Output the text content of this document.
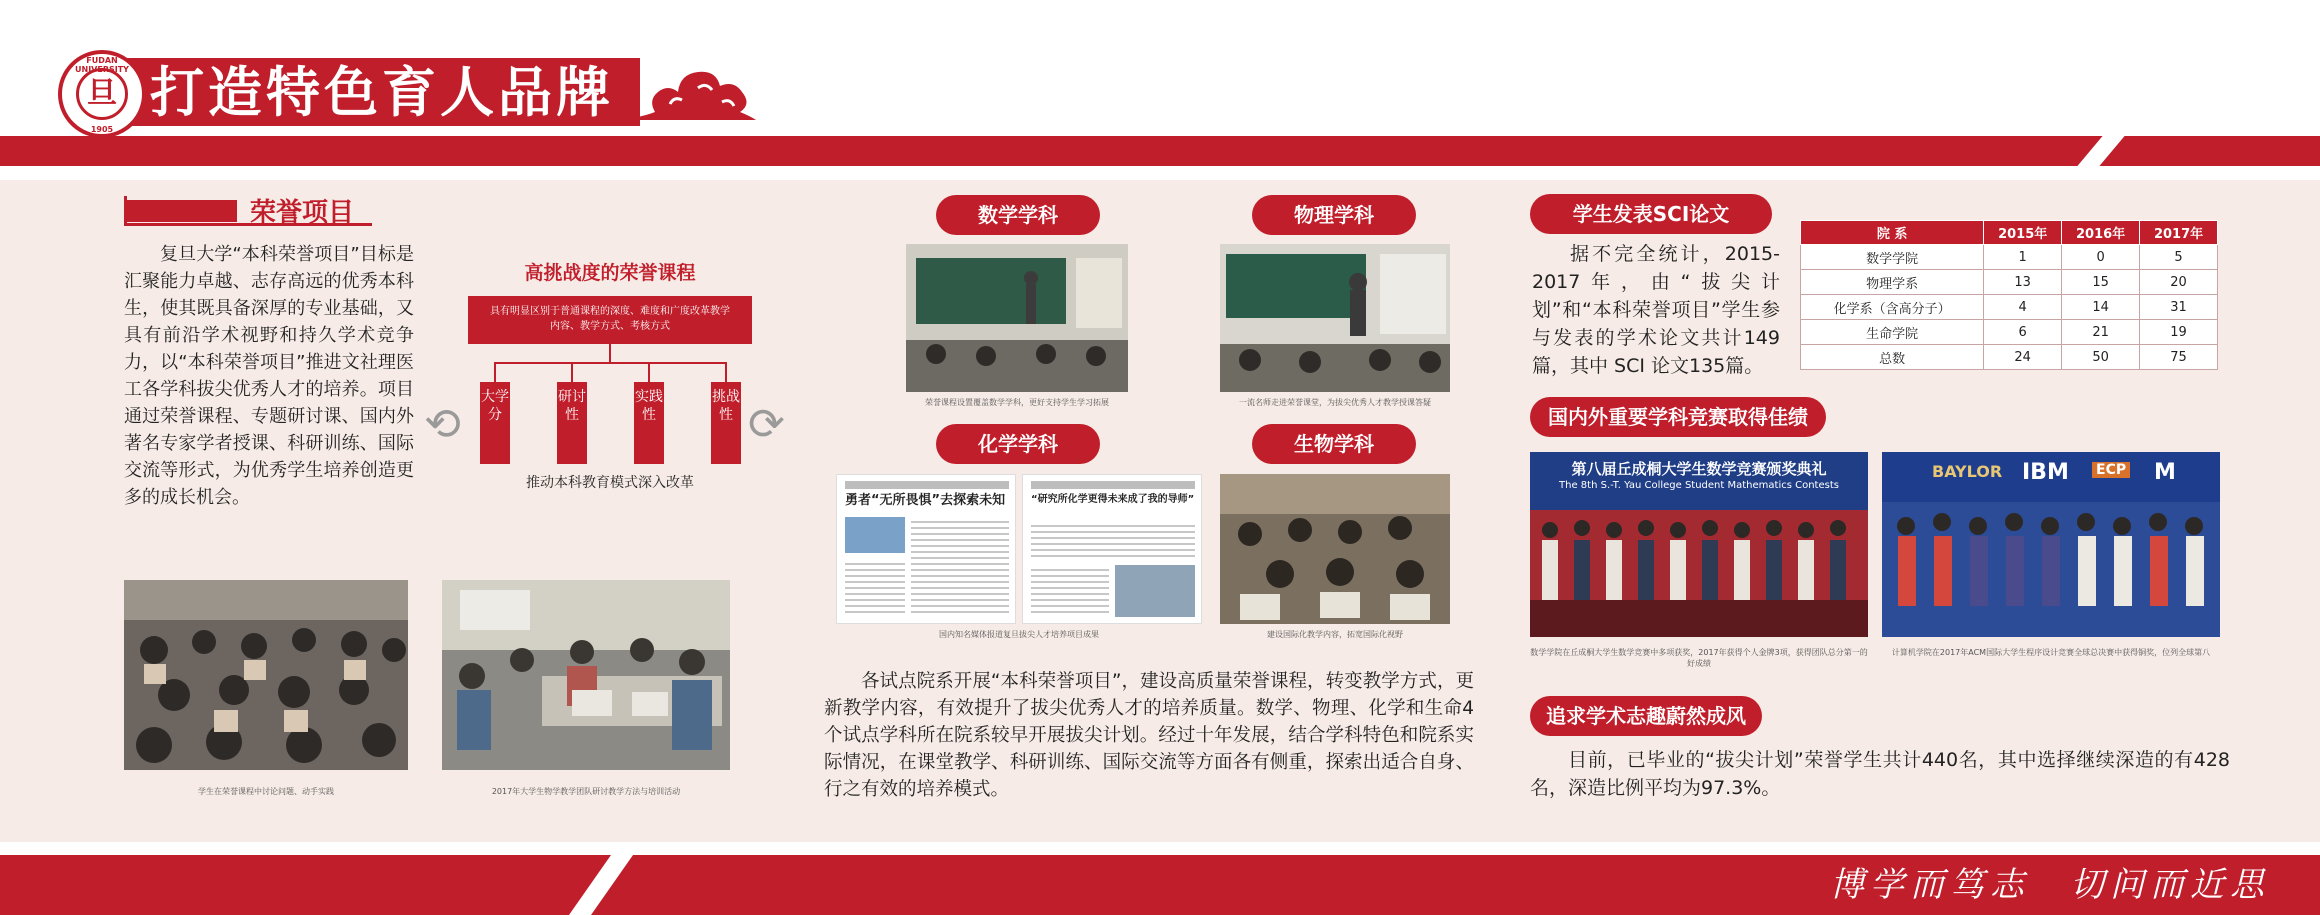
打造特色育人品牌
FUDAN UNIVERSITY
旦
1905
荣誉项目
复旦大学“本科荣誉项目”目标是汇聚能力卓越、志存高远的优秀本科生，使其既具备深厚的专业基础，又具有前沿学术视野和持久学术竞争力，以“本科荣誉项目”推进文社理医工各学科拔尖优秀人才的培养。项目通过荣誉课程、专题研讨课、国内外著名专家学者授课、科研训练、国际交流等形式，为优秀学生培养创造更多的成长机会。
高挑战度的荣誉课程
具有明显区别于普通课程的深度、难度和广度改革教学内容、教学方式、考核方式
大学分
研讨性
实践性
挑战性
⟲	⟳
推动本科教育模式深入改革
学生在荣誉课程中讨论问题、动手实践	2017年大学生物学教学团队研讨教学方法与培训活动
数学学科	物理学科
化学学科	生物学科
荣誉课程设置覆盖数学学科，更好支持学生学习拓展	一流名师走进荣誉课堂，为拔尖优秀人才教学授课答疑
勇者“无所畏惧”去探索未知	“研究所化学更得未来成了我的导师”
国内知名媒体报道复旦拔尖人才培养项目成果	建设国际化教学内容，拓宽国际化视野
各试点院系开展“本科荣誉项目”，建设高质量荣誉课程，转变教学方式，更新教学内容，有效提升了拔尖优秀人才的培养质量。数学、物理、化学和生命4个试点学科所在院系较早开展拔尖计划。经过十年发展，结合学科特色和院系实际情况，在课堂教学、科研训练、国际交流等方面各有侧重，探索出适合自身、行之有效的培养模式。
学生发表SCI论文
据不完全统计，2015-2017年，由“拔尖计划”和“本科荣誉项目”学生参与发表的学术论文共计149篇，其中 SCI 论文135篇。
院 系	2015年	2016年	2017年
数学学院	1	0	5
物理学系	13	15	20
化学系（含高分子）	4	14	31
生命学院	6	21	19
总数	24	50	75
国内外重要学科竞赛取得佳绩
第八届丘成桐大学生数学竞赛颁奖典礼
The 8th S.-T. Yau College Student Mathematics Contests
数学学院在丘成桐大学生数学竞赛中多项获奖，2017年获得个人金牌3项，获得团队总分第一的好成绩
BAYLOR IBM ECP M
计算机学院在2017年ACM国际大学生程序设计竞赛全球总决赛中获得铜奖，位列全球第八
追求学术志趣蔚然成风
目前，已毕业的“拔尖计划”荣誉学生共计440名，其中选择继续深造的有428名，深造比例平均为97.3%。
博学而笃志　切问而近思
